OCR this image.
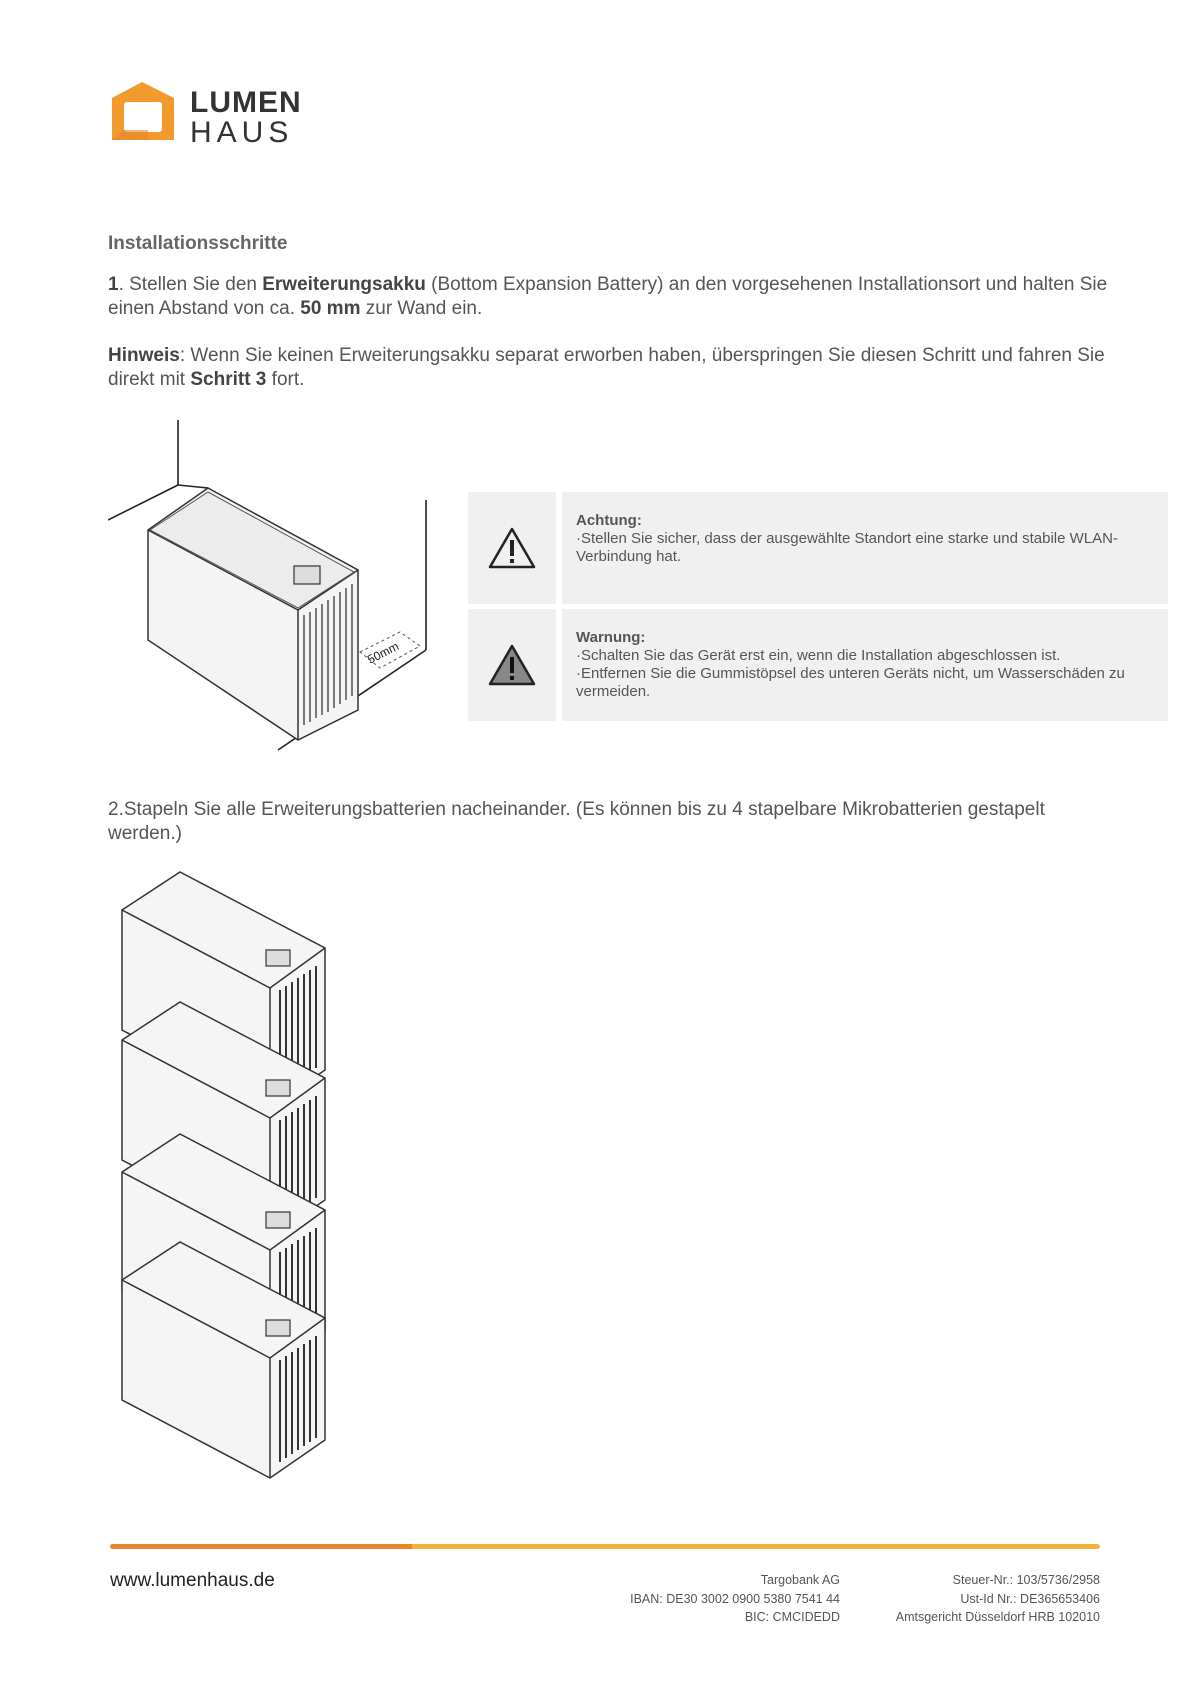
LUMEN
HAUS
Installationsschritte
1. Stellen Sie den Erweiterungsakku (Bottom Expansion Battery) an den vorgesehenen Installationsort und halten Sie einen Abstand von ca. 50 mm zur Wand ein.
Hinweis: Wenn Sie keinen Erweiterungsakku separat erworben haben, überspringen Sie diesen Schritt und fahren Sie direkt mit Schritt 3 fort.
50mm
Achtung:
·Stellen Sie sicher, dass der ausgewählte Standort eine starke und stabile WLAN-Verbindung hat.
Warnung:
·Schalten Sie das Gerät erst ein, wenn die Installation abgeschlossen ist.
·Entfernen Sie die Gummistöpsel des unteren Geräts nicht, um Wasserschäden zu vermeiden.
2.Stapeln Sie alle Erweiterungsbatterien nacheinander. (Es können bis zu 4 stapelbare Mikrobatterien gestapelt werden.)
www.lumenhaus.de	Targobank AG
IBAN: DE30 3002 0900 5380 7541 44
BIC: CMCIDEDD
Steuer-Nr.: 103/5736/2958
Ust-Id Nr.: DE365653406
Amtsgericht Düsseldorf HRB 102010
